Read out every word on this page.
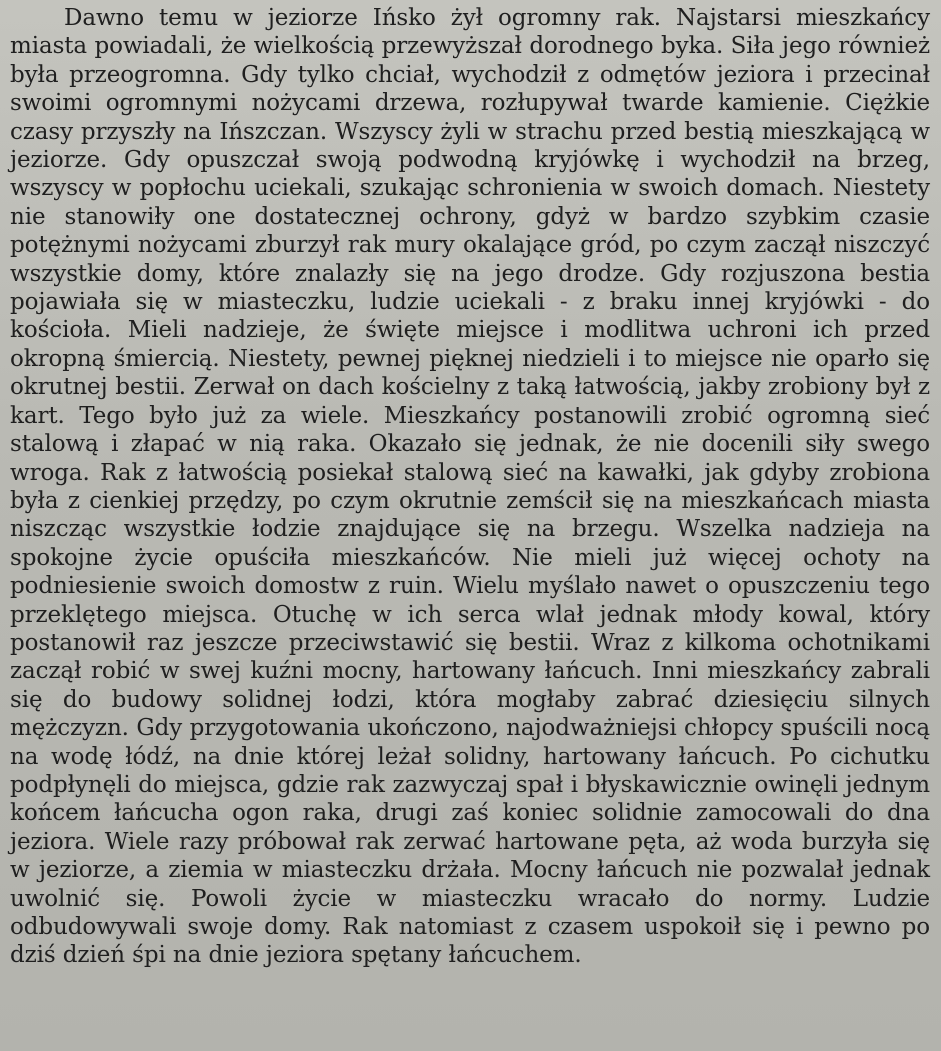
Dawno temu w jeziorze Ińsko żył ogromny rak. Najstarsi mieszkańcy miasta powiadali, że wielkością przewyższał dorodnego byka. Siła jego również była przeogromna. Gdy tylko chciał, wychodził z odmętów jeziora i przecinał swoimi ogromnymi nożycami drzewa, rozłupywał twarde kamienie. Ciężkie czasy przyszły na Ińszczan. Wszyscy żyli w strachu przed bestią mieszkającą w jeziorze. Gdy opuszczał swoją podwodną kryjówkę i wychodził na brzeg, wszyscy w popłochu uciekali, szukając schronienia w swoich domach. Niestety nie stanowiły one dostatecznej ochrony, gdyż w bardzo szybkim czasie potężnymi nożycami zburzył rak mury okalające gród, po czym zaczął niszczyć wszystkie domy, które znalazły się na jego drodze. Gdy rozjuszona bestia pojawiała się w miasteczku, ludzie uciekali - z braku innej kryjówki - do kościoła. Mieli nadzieje, że święte miejsce i modlitwa uchroni ich przed okropną śmiercią. Niestety, pewnej pięknej niedzieli i to miejsce nie oparło się okrutnej bestii. Zerwał on dach kościelny z taką łatwością, jakby zrobiony był z kart. Tego było już za wiele. Mieszkańcy postanowili zrobić ogromną sieć stalową i złapać w nią raka. Okazało się jednak, że nie docenili siły swego wroga. Rak z łatwością posiekał stalową sieć na kawałki, jak gdyby zrobiona była z cienkiej przędzy, po czym okrutnie zemścił się na mieszkańcach miasta niszcząc wszystkie łodzie znajdujące się na brzegu. Wszelka nadzieja na spokojne życie opuściła mieszkańców. Nie mieli już więcej ochoty na podniesienie swoich domostw z ruin. Wielu myślało nawet o opuszczeniu tego przeklętego miejsca. Otuchę w ich serca wlał jednak młody kowal, który postanowił raz jeszcze przeciwstawić się bestii. Wraz z kilkoma ochotnikami zaczął robić w swej kuźni mocny, hartowany łańcuch. Inni mieszkańcy zabrali się do budowy solidnej łodzi, która mogłaby zabrać dziesięciu silnych mężczyzn. Gdy przygotowania ukończono, najodważniejsi chłopcy spuścili nocą na wodę łódź, na dnie której leżał solidny, hartowany łańcuch. Po cichutku podpłynęli do miejsca, gdzie rak zazwyczaj spał i błyskawicznie owinęli jednym końcem łańcucha ogon raka, drugi zaś koniec solidnie zamocowali do dna jeziora. Wiele razy próbował rak zerwać hartowane pęta, aż woda burzyła się w jeziorze, a ziemia w miasteczku drżała. Mocny łańcuch nie pozwalał jednak uwolnić się. Powoli życie w miasteczku wracało do normy. Ludzie odbudowywali swoje domy. Rak natomiast z czasem uspokoił się i pewno po dziś dzień śpi na dnie jeziora spętany łańcuchem.
